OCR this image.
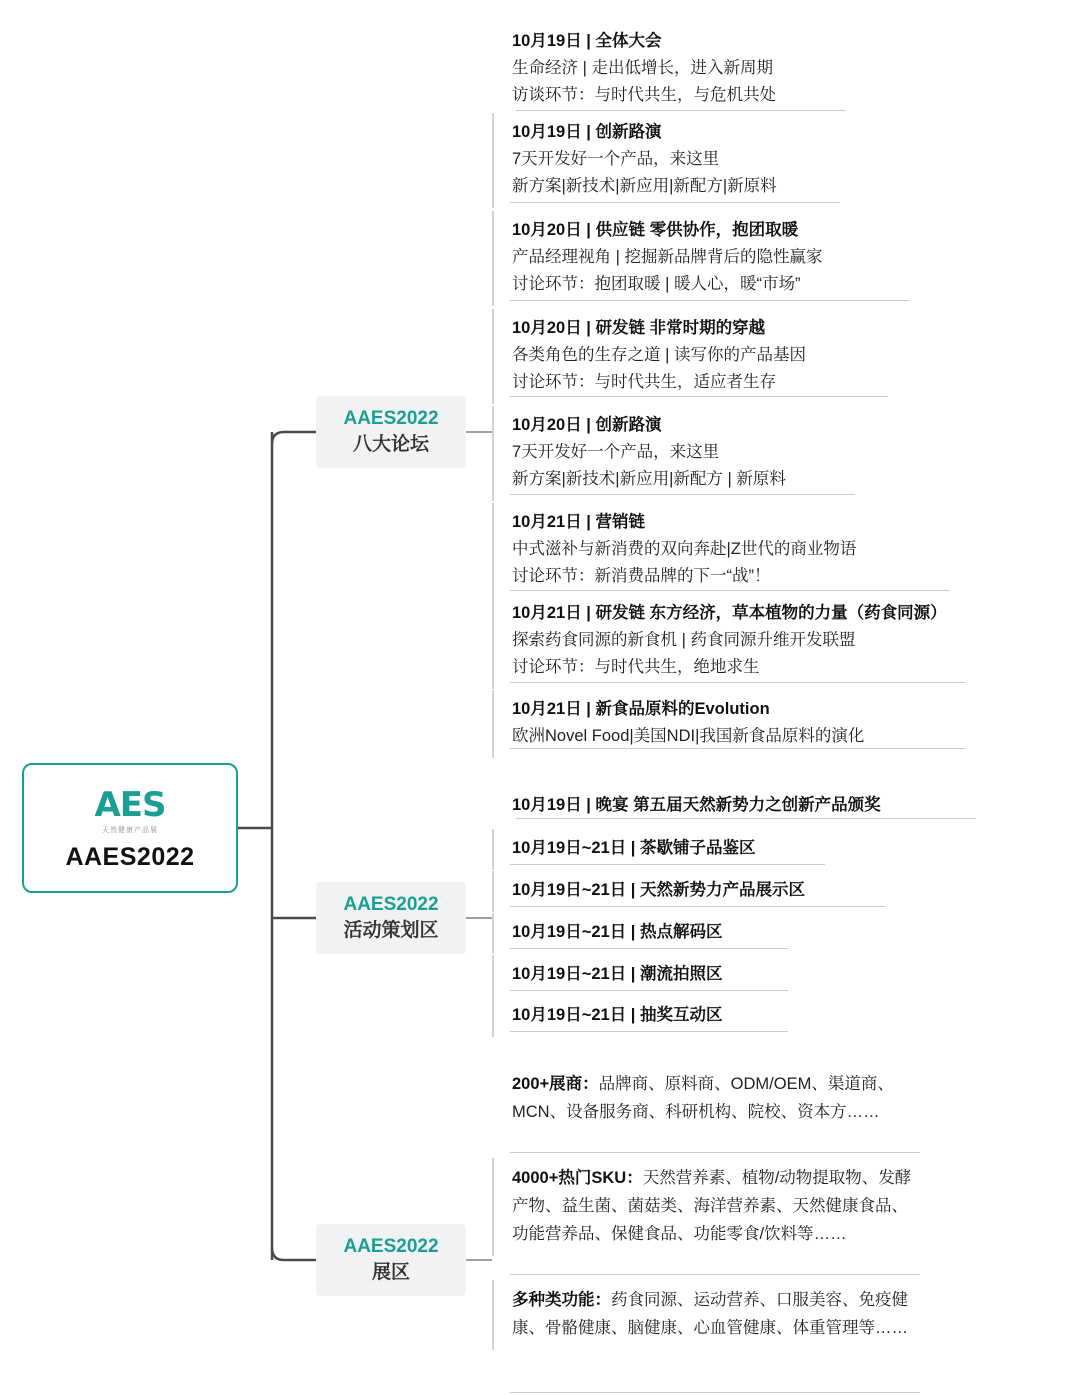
AES
天然健康产品展
AAES2022
AAES2022
八大论坛
AAES2022
活动策划区
AAES2022
展区
10月19日 | 全体大会
生命经济 | 走出低增长，进入新周期
访谈环节：与时代共生，与危机共处
10月19日 | 创新路演
7天开发好一个产品，来这里
新方案|新技术|新应用|新配方|新原料
10月20日 | 供应链 零供协作，抱团取暖
产品经理视角 | 挖掘新品牌背后的隐性赢家
讨论环节：抱团取暖 | 暖人心，暖“市场”
10月20日 | 研发链 非常时期的穿越
各类角色的生存之道 | 读写你的产品基因
讨论环节：与时代共生，适应者生存
10月20日 | 创新路演
7天开发好一个产品，来这里
新方案|新技术|新应用|新配方 | 新原料
10月21日 | 营销链
中式滋补与新消费的双向奔赴|Z世代的商业物语
讨论环节：新消费品牌的下一“战”！
10月21日 | 研发链 东方经济，草本植物的力量（药食同源）
探索药食同源的新食机 | 药食同源升维开发联盟
讨论环节：与时代共生，绝地求生
10月21日 | 新食品原料的Evolution
欧洲Novel Food|美国NDI|我国新食品原料的演化
10月19日 | 晚宴 第五届天然新势力之创新产品颁奖
10月19日~21日 | 茶歇铺子品鉴区
10月19日~21日 | 天然新势力产品展示区
10月19日~21日 | 热点解码区
10月19日~21日 | 潮流拍照区
10月19日~21日 | 抽奖互动区
200+展商：品牌商、原料商、ODM/OEM、渠道商、MCN、设备服务商、科研机构、院校、资本方……
4000+热门SKU：天然营养素、植物/动物提取物、发酵产物、益生菌、菌菇类、海洋营养素、天然健康食品、功能营养品、保健食品、功能零食/饮料等……
多种类功能：药食同源、运动营养、口服美容、免疫健康、骨骼健康、脑健康、心血管健康、体重管理等……
